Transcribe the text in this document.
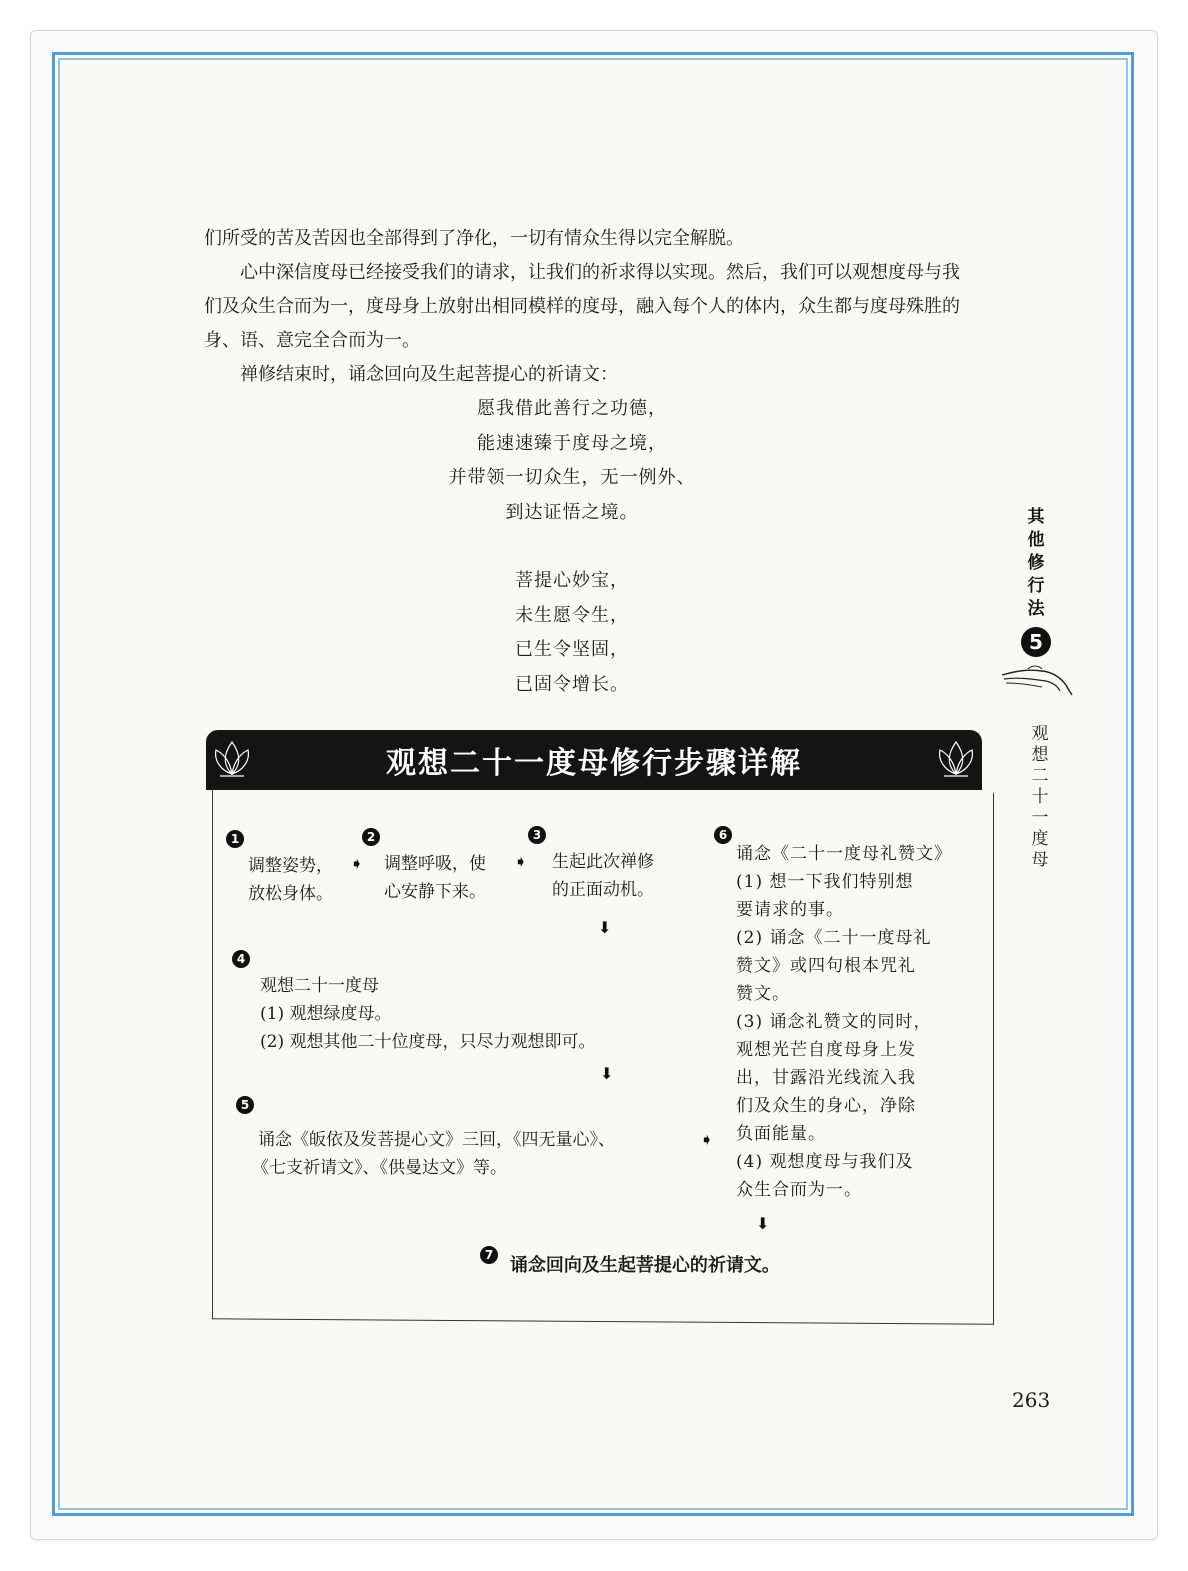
们所受的苦及苦因也全部得到了净化，一切有情众生得以完全解脱。

心中深信度母已经接受我们的请求，让我们的祈求得以实现。然后，我们可以观想度母与我们及众生合而为一，度母身上放射出相同模样的度母，融入每个人的体内，众生都与度母殊胜的身、语、意完全合而为一。

禅修结束时，诵念回向及生起菩提心的祈请文：

愿我借此善行之功德，
能速速臻于度母之境，
并带领一切众生，无一例外、
到达证悟之境。
菩提心妙宝，
未生愿令生，
已生令坚固，
已固令增长。
其
他
修
行
法
5
观
想
二
十
一
度
母
观想二十一度母修行步骤详解
1
调整姿势，
放松身体。
➧
2
调整呼吸，使
心安静下来。
➧
3
生起此次禅修
的正面动机。
⬇
4
观想二十一度母
(1) 观想绿度母。
(2) 观想其他二十位度母，只尽力观想即可。
⬇
5
诵念《皈依及发菩提心文》三回，《四无量心》、
《七支祈请文》、《供曼达文》等。
➧
6
诵念《二十一度母礼赞文》
(1) 想一下我们特别想
要请求的事。
(2) 诵念《二十一度母礼
赞文》或四句根本咒礼
赞文。
(3) 诵念礼赞文的同时，
观想光芒自度母身上发
出，甘露沿光线流入我
们及众生的身心，净除
负面能量。
(4) 观想度母与我们及
众生合而为一。
⬇
7 诵念回向及生起菩提心的祈请文。
263
